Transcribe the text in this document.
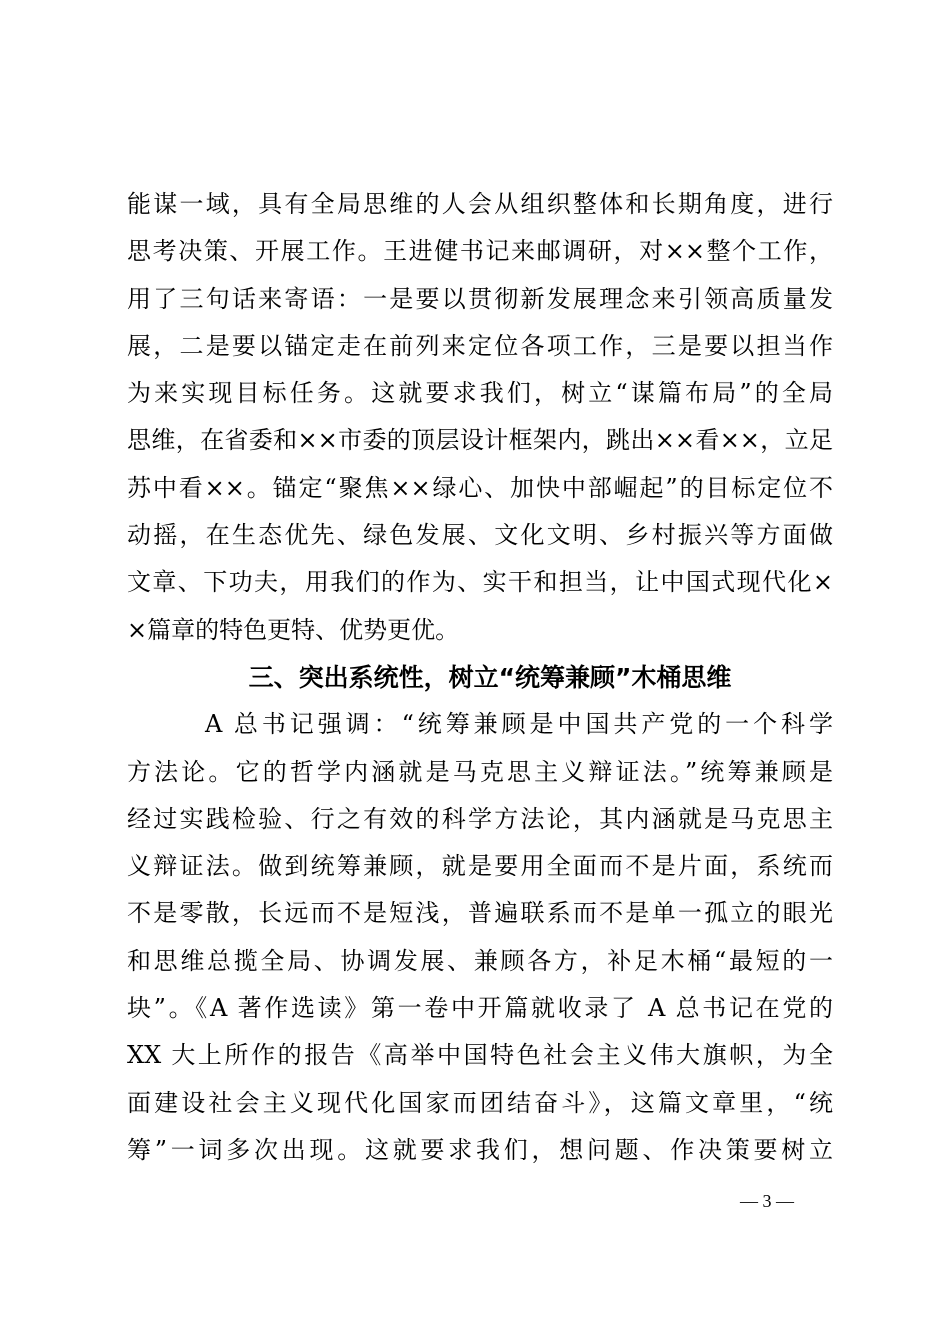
能谋一域，具有全局思维的人会从组织整体和长期角度，进行
思考决策、开展工作。王进健书记来邮调研，对××整个工作，
用了三句话来寄语：一是要以贯彻新发展理念来引领高质量发
展，二是要以锚定走在前列来定位各项工作，三是要以担当作
为来实现目标任务。这就要求我们，树立“谋篇布局”的全局
思维，在省委和××市委的顶层设计框架内，跳出××看××，立足
苏中看××。锚定“聚焦××绿心、加快中部崛起”的目标定位不
动摇，在生态优先、绿色发展、文化文明、乡村振兴等方面做
文章、下功夫，用我们的作为、实干和担当，让中国式现代化×
×篇章的特色更特、优势更优。
三、突出系统性，树立“统筹兼顾”木桶思维
A 总书记强调：“统筹兼顾是中国共产党的一个科学
方法论。它的哲学内涵就是马克思主义辩证法。”统筹兼顾是
经过实践检验、行之有效的科学方法论，其内涵就是马克思主
义辩证法。做到统筹兼顾，就是要用全面而不是片面，系统而
不是零散，长远而不是短浅，普遍联系而不是单一孤立的眼光
和思维总揽全局、协调发展、兼顾各方，补足木桶“最短的一
块”。《A 著作选读》第一卷中开篇就收录了 A 总书记在党的
XX 大上所作的报告《高举中国特色社会主义伟大旗帜，为全
面建设社会主义现代化国家而团结奋斗》，这篇文章里，“统
筹”一词多次出现。这就要求我们，想问题、作决策要树立
— 3 —
